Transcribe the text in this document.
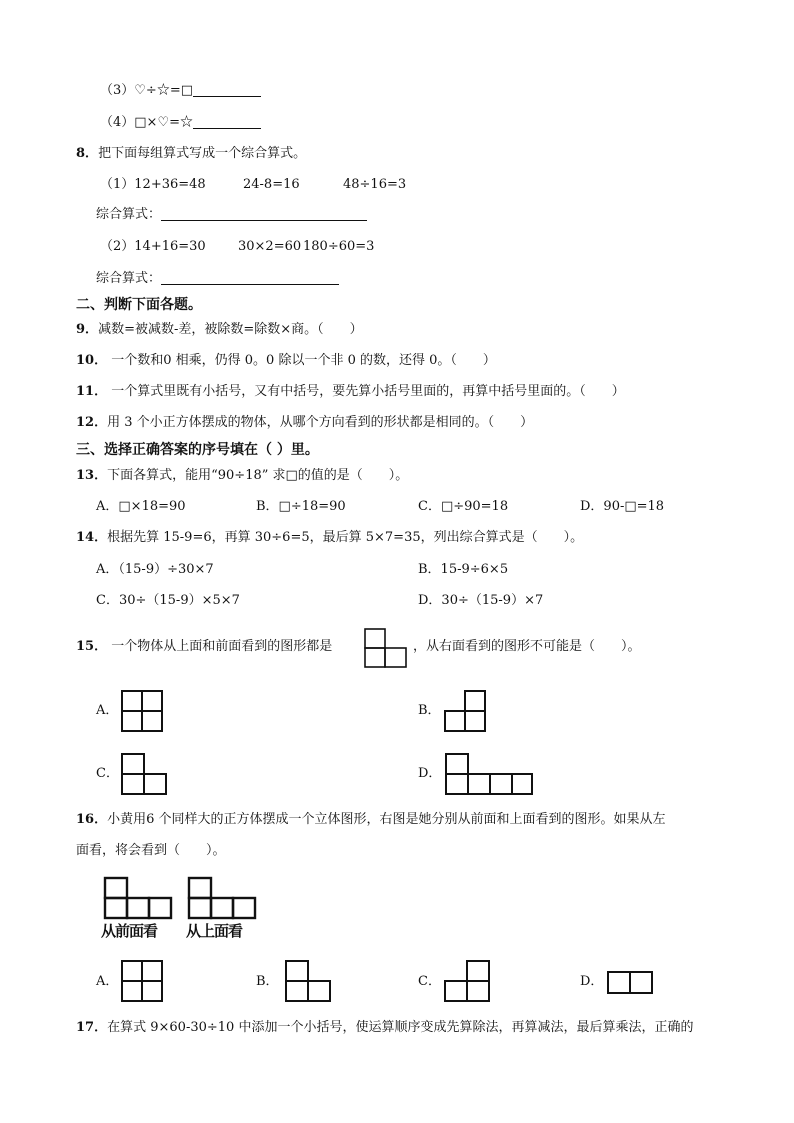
（3）♡÷☆=□
（4）□×♡=☆
8．把下面每组算式写成一个综合算式。
（1）12+36=48	24-8=16	48÷16=3
综合算式：
（2）14+16=30 30×2=60 180÷60=3
综合算式：
二、判断下面各题。
9．减数=被减数-差，被除数=除数×商。（　　）
10． 一个数和0 相乘，仍得 0。0 除以一个非 0 的数，还得 0。（　　）
11． 一个算式里既有小括号，又有中括号，要先算小括号里面的，再算中括号里面的。（　　）
12．用 3 个小正方体摆成的物体，从哪个方向看到的形状都是相同的。（　　）
三、选择正确答案的序号填在（ ）里。
13．下面各算式，能用“90÷18” 求□的值的是（　　）。
A．□×18=90	B．□÷18=90	C．□÷90=18	D．90-□=18
14．根据先算 15-9=6，再算 30÷6=5，最后算 5×7=35，列出综合算式是（　　）。
A．（15-9）÷30×7	B．15-9÷6×5
C．30÷（15-9）×5×7	D．30÷（15-9）×7
15． 一个物体从上面和前面看到的图形都是	，从右面看到的图形不可能是（　　）。
A．	B．
C．	D．
16．小黄用6 个同样大的正方体摆成一个立体图形，右图是她分别从前面和上面看到的图形。如果从左
面看，将会看到（　　）。
从前面看 从上面看
A．	B．	C．	D．
17．在算式 9×60-30÷10 中添加一个小括号，使运算顺序变成先算除法，再算减法，最后算乘法，正确的
